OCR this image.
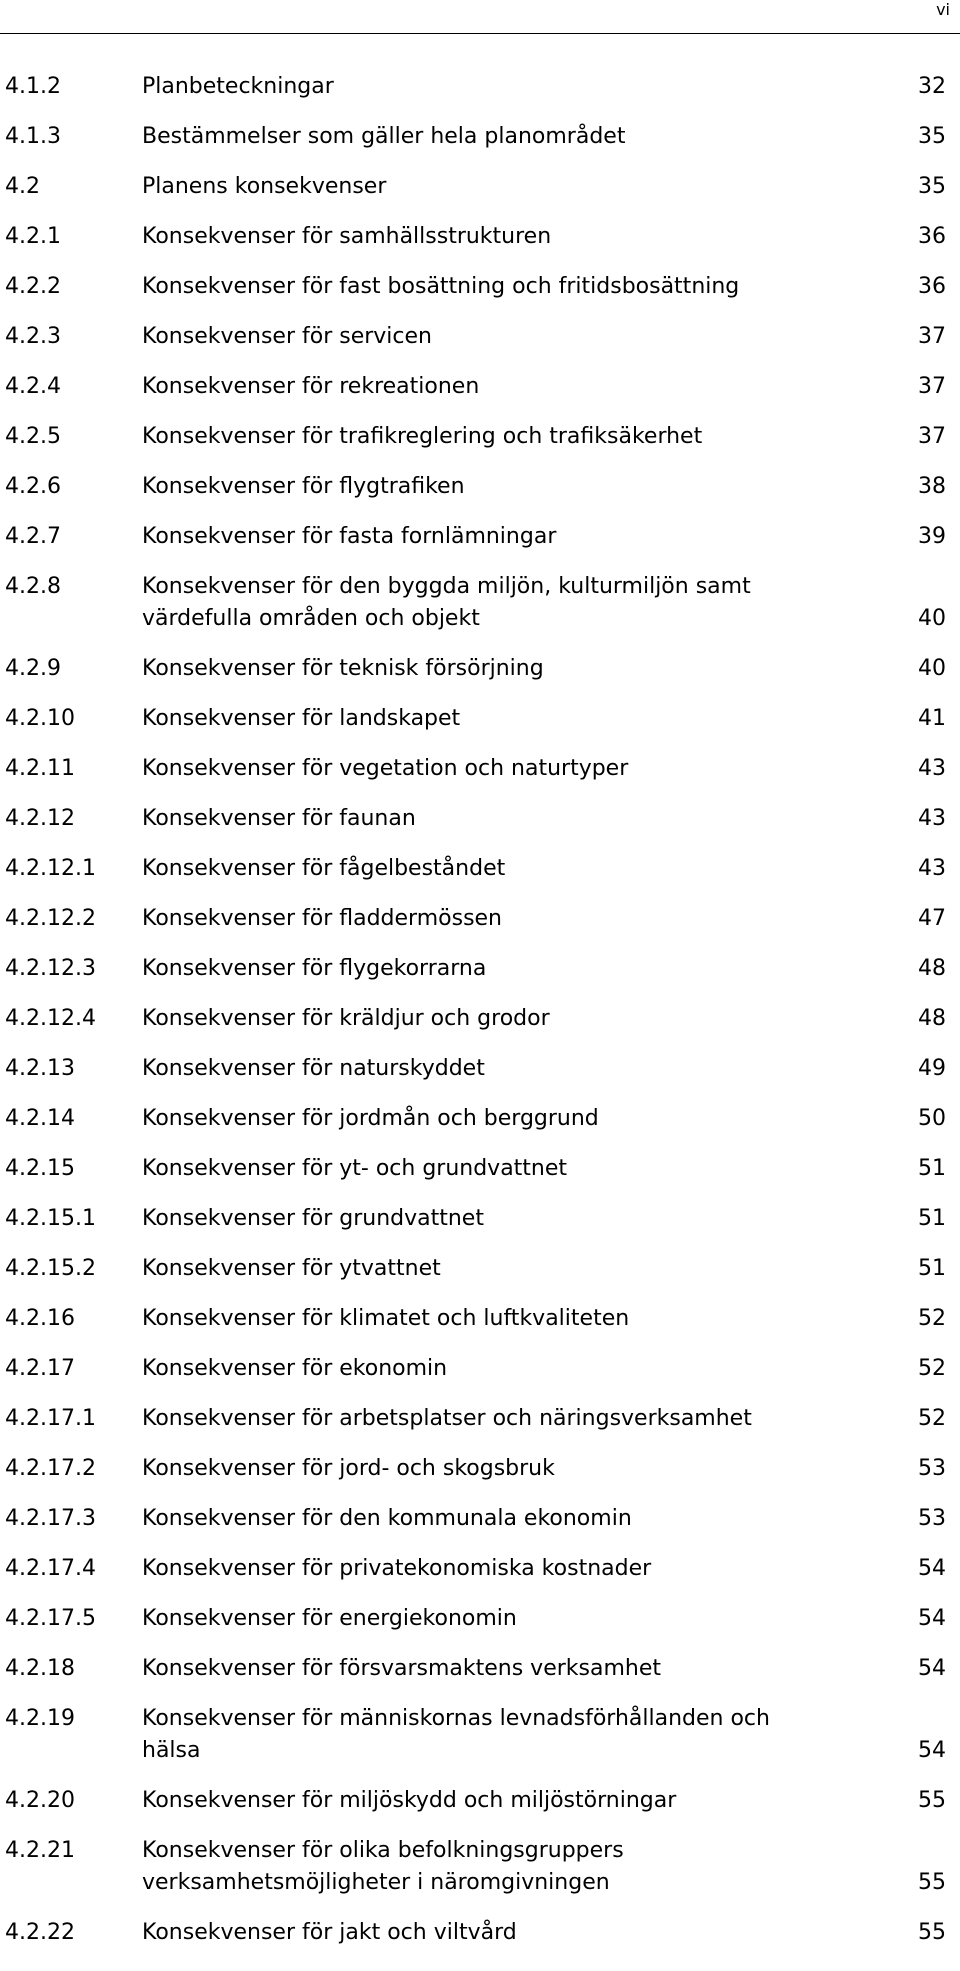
vi
4.1.2	Planbeteckningar	32
4.1.3	Bestämmelser som gäller hela planområdet	35
4.2	Planens konsekvenser	35
4.2.1	Konsekvenser för samhällsstrukturen	36
4.2.2	Konsekvenser för fast bosättning och fritidsbosättning	36
4.2.3	Konsekvenser för servicen	37
4.2.4	Konsekvenser för rekreationen	37
4.2.5	Konsekvenser för trafikreglering och trafiksäkerhet	37
4.2.6	Konsekvenser för flygtrafiken	38
4.2.7	Konsekvenser för fasta fornlämningar	39
4.2.8	Konsekvenser för den byggda miljön, kulturmiljön samt
värdefulla områden och objekt	40
4.2.9	Konsekvenser för teknisk försörjning	40
4.2.10	Konsekvenser för landskapet	41
4.2.11	Konsekvenser för vegetation och naturtyper	43
4.2.12	Konsekvenser för faunan	43
4.2.12.1 Konsekvenser för fågelbeståndet	43
4.2.12.2 Konsekvenser för fladdermössen	47
4.2.12.3 Konsekvenser för flygekorrarna	48
4.2.12.4 Konsekvenser för kräldjur och grodor	48
4.2.13	Konsekvenser för naturskyddet	49
4.2.14	Konsekvenser för jordmån och berggrund	50
4.2.15	Konsekvenser för yt- och grundvattnet	51
4.2.15.1 Konsekvenser för grundvattnet	51
4.2.15.2 Konsekvenser för ytvattnet	51
4.2.16	Konsekvenser för klimatet och luftkvaliteten	52
4.2.17	Konsekvenser för ekonomin	52
4.2.17.1 Konsekvenser för arbetsplatser och näringsverksamhet	52
4.2.17.2 Konsekvenser för jord- och skogsbruk	53
4.2.17.3 Konsekvenser för den kommunala ekonomin	53
4.2.17.4 Konsekvenser för privatekonomiska kostnader	54
4.2.17.5 Konsekvenser för energiekonomin	54
4.2.18	Konsekvenser för försvarsmaktens verksamhet	54
4.2.19	Konsekvenser för människornas levnadsförhållanden och
hälsa	54
4.2.20	Konsekvenser för miljöskydd och miljöstörningar	55
4.2.21	Konsekvenser för olika befolkningsgruppers
verksamhetsmöjligheter i näromgivningen	55
4.2.22	Konsekvenser för jakt och viltvård	55
